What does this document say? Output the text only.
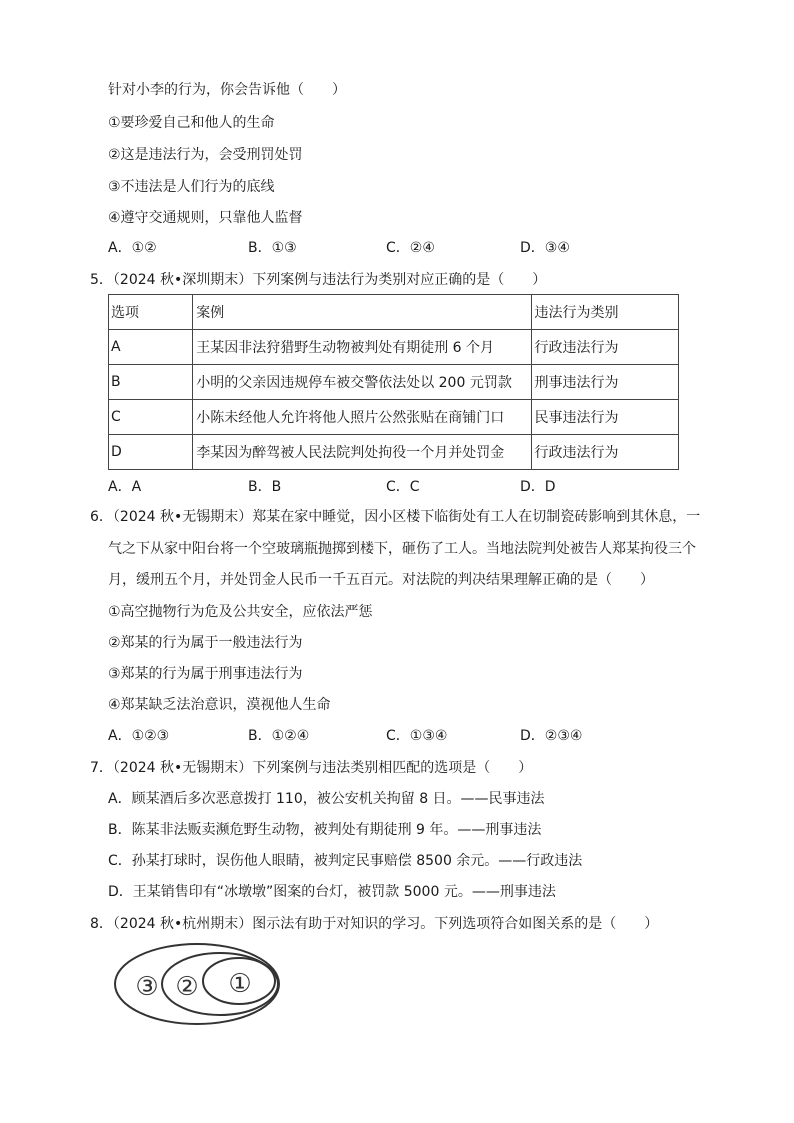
针对小李的行为，你会告诉他（　　）
①要珍爱自己和他人的生命
②这是违法行为，会受刑罚处罚
③不违法是人们行为的底线
④遵守交通规则，只靠他人监督
A．①②	B．①③	C．②④	D．③④
5．（2024 秋•深圳期末）下列案例与违法行为类别对应正确的是（　　）
选项	案例	违法行为类别
A	王某因非法狩猎野生动物被判处有期徒刑 6 个月	行政违法行为
B	小明的父亲因违规停车被交警依法处以 200 元罚款	刑事违法行为
C	小陈未经他人允许将他人照片公然张贴在商铺门口	民事违法行为
D	李某因为醉驾被人民法院判处拘役一个月并处罚金	行政违法行为
A．A	B．B	C．C	D．D
6．（2024 秋•无锡期末）郑某在家中睡觉，因小区楼下临街处有工人在切制瓷砖影响到其休息，一
气之下从家中阳台将一个空玻璃瓶抛掷到楼下，砸伤了工人。当地法院判处被告人郑某拘役三个
月，缓刑五个月，并处罚金人民币一千五百元。对法院的判决结果理解正确的是（　　）
①高空抛物行为危及公共安全，应依法严惩
②郑某的行为属于一般违法行为
③郑某的行为属于刑事违法行为
④郑某缺乏法治意识，漠视他人生命
A．①②③	B．①②④	C．①③④	D．②③④
7．（2024 秋•无锡期末）下列案例与违法类别相匹配的选项是（　　）
A．顾某酒后多次恶意拨打 110，被公安机关拘留 8 日。——民事违法
B．陈某非法贩卖濒危野生动物，被判处有期徒刑 9 年。——刑事违法
C．孙某打球时，误伤他人眼睛，被判定民事赔偿 8500 余元。——行政违法
D．王某销售印有“冰墩墩”图案的台灯，被罚款 5000 元。——刑事违法
8．（2024 秋•杭州期末）图示法有助于对知识的学习。下列选项符合如图关系的是（　　）
③ ② ①
